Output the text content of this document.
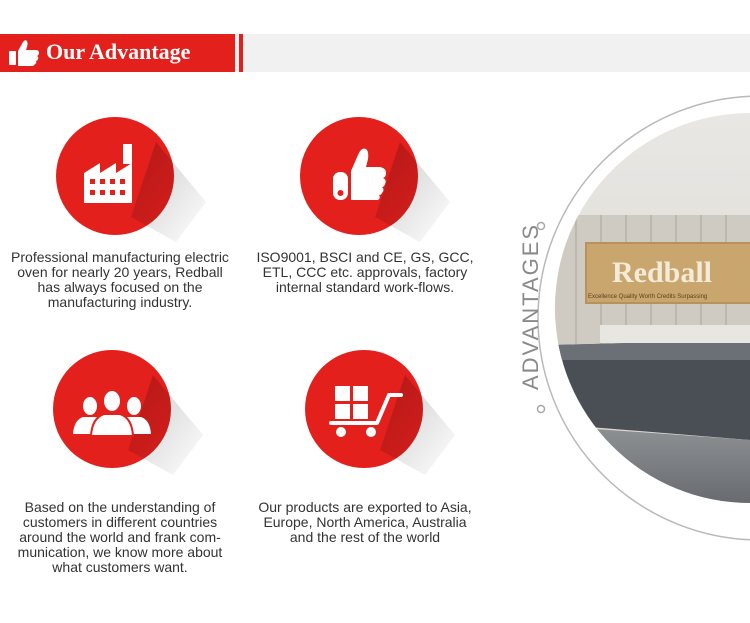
Our Advantage
Professional manufacturing electric oven for nearly 20 years, Redball has always focused on the manufacturing industry.
ISO9001, BSCI and CE, GS, GCC, ETL, CCC etc. approvals, factory internal standard work-flows.
Based on the understanding of customers in different countries around the world and frank com-munication, we know more about what customers want.
Our products are exported to Asia, Europe, North America, Australia and the rest of the world
Redball
Excellence Quality Worth Credits Surpassing
ADVANTAGES
